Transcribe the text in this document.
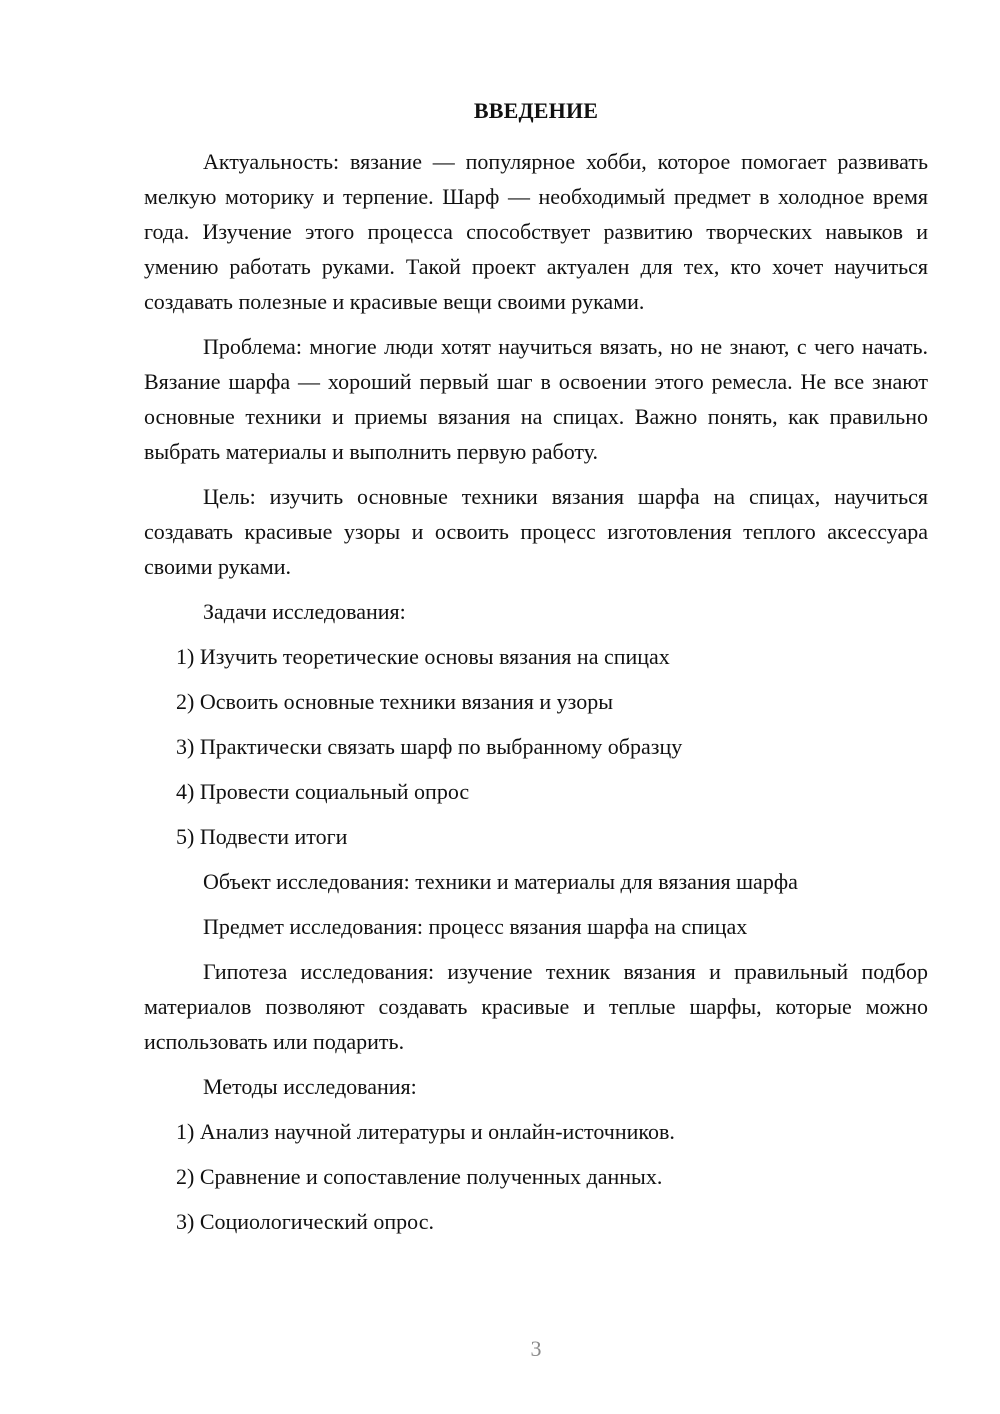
ВВЕДЕНИЕ

Актуальность: вязание — популярное хобби, которое помогает развивать мелкую моторику и терпение. Шарф — необходимый предмет в холодное время года. Изучение этого процесса способствует развитию творческих навыков и умению работать руками. Такой проект актуален для тех, кто хочет научиться создавать полезные и красивые вещи своими руками.

Проблема: многие люди хотят научиться вязать, но не знают, с чего начать. Вязание шарфа — хороший первый шаг в освоении этого ремесла. Не все знают основные техники и приемы вязания на спицах. Важно понять, как правильно выбрать материалы и выполнить первую работу.

Цель: изучить основные техники вязания шарфа на спицах, научиться создавать красивые узоры и освоить процесс изготовления теплого аксессуара своими руками.

Задачи исследования:

1) Изучить теоретические основы вязания на спицах

2) Освоить основные техники вязания и узоры

3) Практически связать шарф по выбранному образцу

4) Провести социальный опрос

5) Подвести итоги

Объект исследования: техники и материалы для вязания шарфа

Предмет исследования: процесс вязания шарфа на спицах

Гипотеза исследования: изучение техник вязания и правильный подбор материалов позволяют создавать красивые и теплые шарфы, которые можно использовать или подарить.

Методы исследования:

1) Анализ научной литературы и онлайн-источников.

2) Сравнение и сопоставление полученных данных.

3) Социологический опрос.

3
